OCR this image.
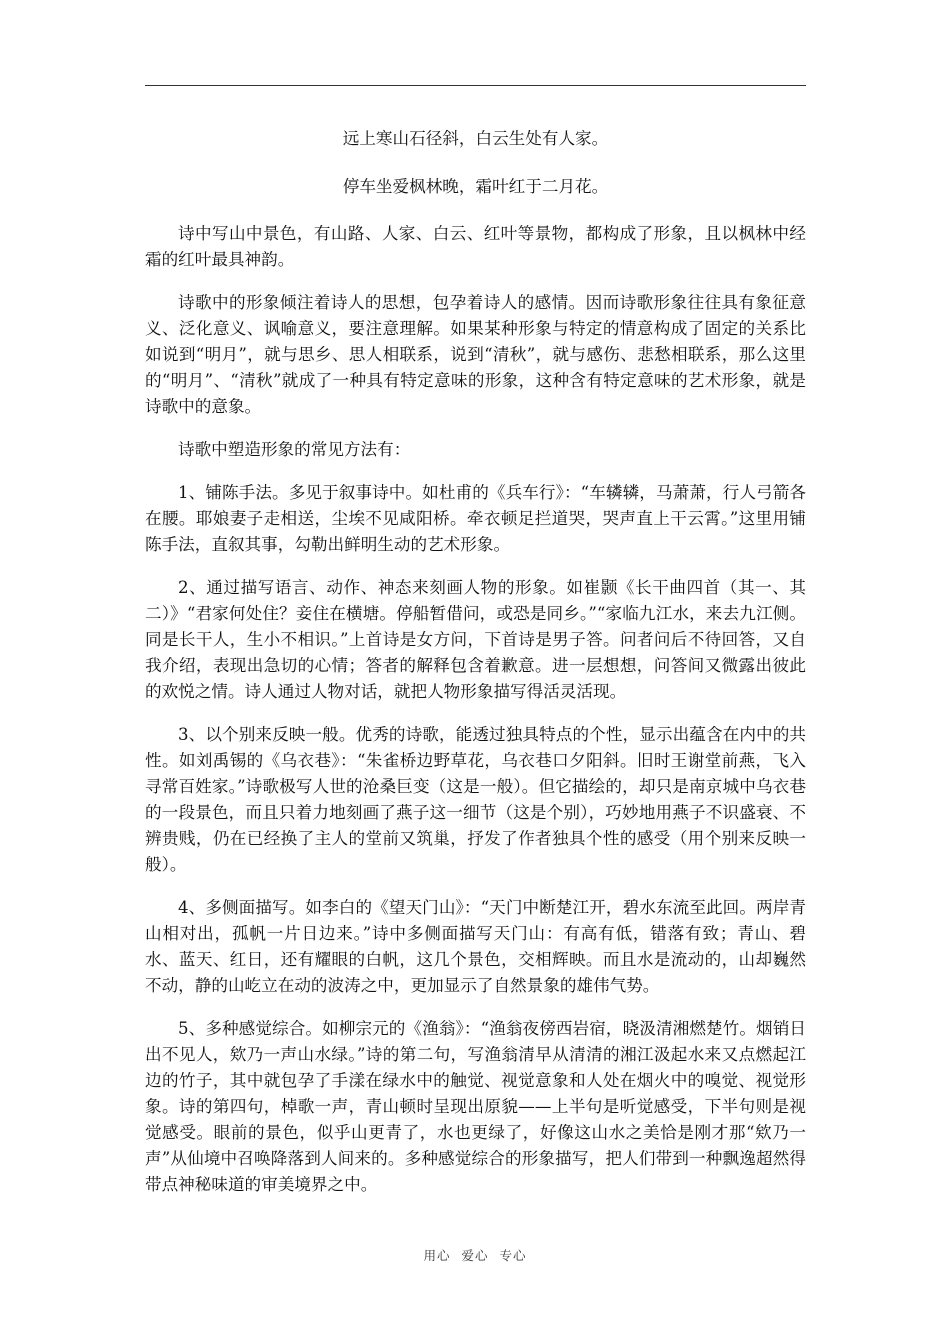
远上寒山石径斜，白云生处有人家。

停车坐爱枫林晚，霜叶红于二月花。

诗中写山中景色，有山路、人家、白云、红叶等景物，都构成了形象，且以枫林中经霜的红叶最具神韵。

诗歌中的形象倾注着诗人的思想，包孕着诗人的感情。因而诗歌形象往往具有象征意义、泛化意义、讽喻意义，要注意理解。如果某种形象与特定的情意构成了固定的关系比如说到“明月”，就与思乡、思人相联系，说到“清秋”，就与感伤、悲愁相联系，那么这里的“明月”、“清秋”就成了一种具有特定意味的形象，这种含有特定意味的艺术形象，就是诗歌中的意象。

诗歌中塑造形象的常见方法有：

1、铺陈手法。多见于叙事诗中。如杜甫的《兵车行》：“车辚辚，马萧萧，行人弓箭各在腰。耶娘妻子走相送，尘埃不见咸阳桥。牵衣顿足拦道哭，哭声直上干云霄。”这里用铺陈手法，直叙其事，勾勒出鲜明生动的艺术形象。

2、通过描写语言、动作、神态来刻画人物的形象。如崔颢《长干曲四首（其一、其二）》“君家何处住？妾住在横塘。停船暂借问，或恐是同乡。”“家临九江水，来去九江侧。同是长干人，生小不相识。”上首诗是女方问，下首诗是男子答。问者问后不待回答，又自我介绍，表现出急切的心情；答者的解释包含着歉意。进一层想想，问答间又微露出彼此的欢悦之情。诗人通过人物对话，就把人物形象描写得活灵活现。

3、以个别来反映一般。优秀的诗歌，能透过独具特点的个性，显示出蕴含在内中的共性。如刘禹锡的《乌衣巷》：“朱雀桥边野草花，乌衣巷口夕阳斜。旧时王谢堂前燕，飞入寻常百姓家。”诗歌极写人世的沧桑巨变（这是一般）。但它描绘的，却只是南京城中乌衣巷的一段景色，而且只着力地刻画了燕子这一细节（这是个别），巧妙地用燕子不识盛衰、不辨贵贱，仍在已经换了主人的堂前又筑巢，抒发了作者独具个性的感受（用个别来反映一般）。

4、多侧面描写。如李白的《望天门山》：“天门中断楚江开，碧水东流至此回。两岸青山相对出，孤帆一片日边来。”诗中多侧面描写天门山：有高有低，错落有致；青山、碧水、蓝天、红日，还有耀眼的白帆，这几个景色，交相辉映。而且水是流动的，山却巍然不动，静的山屹立在动的波涛之中，更加显示了自然景象的雄伟气势。

5、多种感觉综合。如柳宗元的《渔翁》：“渔翁夜傍西岩宿，晓汲清湘燃楚竹。烟销日出不见人，欸乃一声山水绿。”诗的第二句，写渔翁清早从清清的湘江汲起水来又点燃起江边的竹子，其中就包孕了手漾在绿水中的触觉、视觉意象和人处在烟火中的嗅觉、视觉形象。诗的第四句，棹歌一声，青山顿时呈现出原貌——上半句是听觉感受，下半句则是视觉感受。眼前的景色，似乎山更青了，水也更绿了，好像这山水之美恰是刚才那“欸乃一声”从仙境中召唤降落到人间来的。多种感觉综合的形象描写，把人们带到一种飘逸超然得带点神秘味道的审美境界之中。

用心 爱心 专心
